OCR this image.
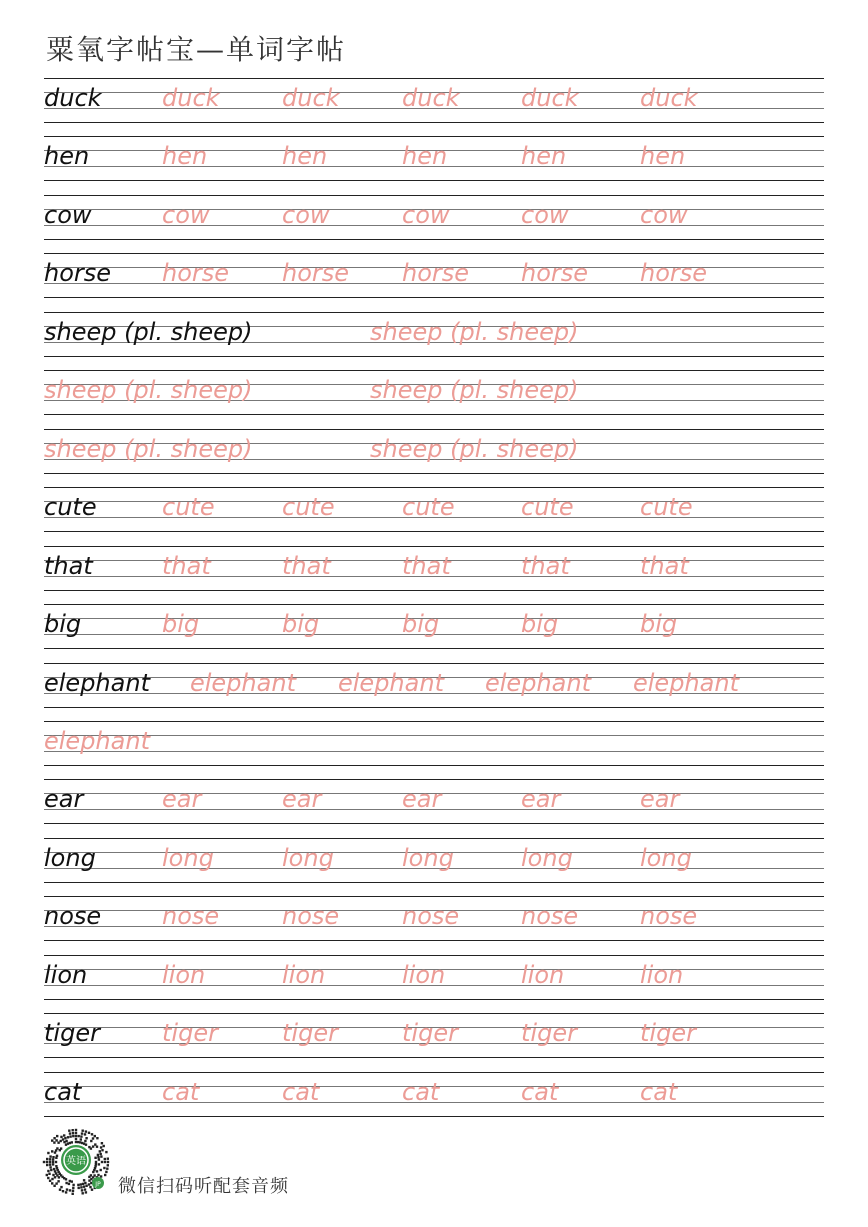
粟氧字帖宝—单词字帖
duck	duck	duck	duck	duck	duck
hen	hen	hen	hen	hen	hen
cow	cow	cow	cow	cow	cow
horse horse horse horse horse horse
sheep (pl. sheep)	sheep (pl. sheep)
sheep (pl. sheep)	sheep (pl. sheep)
sheep (pl. sheep)	sheep (pl. sheep)
cute	cute	cute	cute	cute	cute
that	that	that	that	that	that
big	big	big	big	big	big
elephant elephant elephant elephant elephant
elephant
ear	ear	ear	ear	ear	ear
long	long	long	long	long	long
nose	nose	nose	nose	nose	nose
lion	lion	lion	lion	lion	lion
tiger	tiger	tiger	tiger	tiger	tiger
cat	cat	cat	cat	cat	cat
英语
JP 微信扫码听配套音频
